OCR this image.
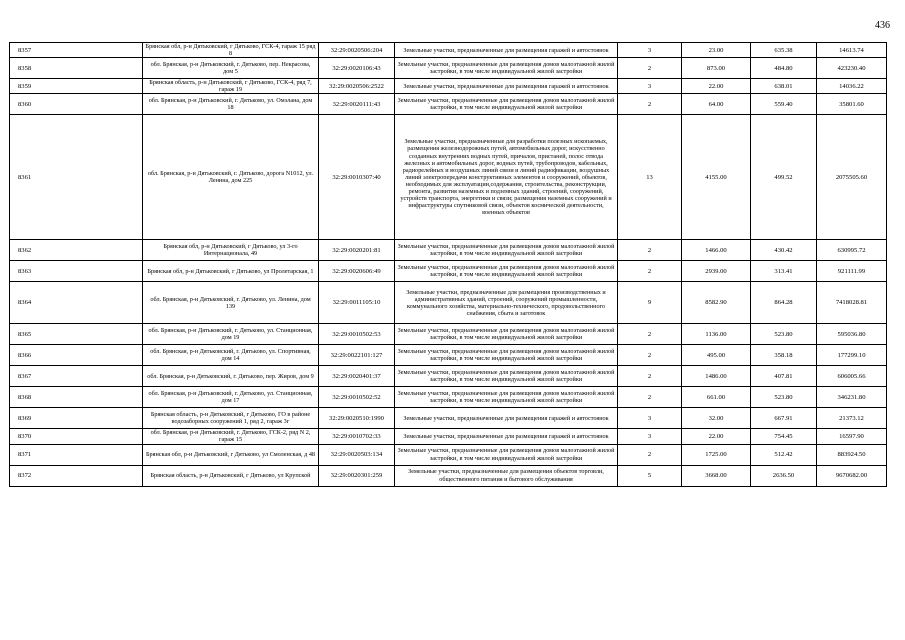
436
8357	Брянская обл, р-н Дятьковский, г Дятьково, ГСК-4, гараж 15 ряд 8	32:29:0020506:204	Земельные участки, предназначенные для размещения гаражей и автостоянок	3	23.00	635.38	14613.74
8358	обл. Брянская, р-н Дятьковский, г. Дятьково, пер. Некрасова, дом 5	32:29:0020106:43	Земельные участки, предназначенные для размещения домов малоэтажной жилой застройки, в том числе индивидуальной жилой застройки	2	873.00	484.80	423230.40
8359	Брянская область, р-н Дятьковский, г Дятьково, ГСК-4, ряд 7, гараж 19	32:29:0020506:2522	Земельные участки, предназначенные для размещения гаражей и автостоянок	3	22.00	638.01	14036.22
8360	обл. Брянская, р-н Дятьковский, г. Дятьково, ул. Омэлана, дом 18	32:29:0020111:43	Земельные участки, предназначенные для размещения домов малоэтажной жилой застройки, в том числе индивидуальной жилой застройки	2	64.00	559.40	35801.60
8361	обл. Брянская, р-н Дятьковский, г. Дятьково, дорога N1012, ул. Ленина, дом 225	32:29:0010307:40	Земельные участки, предназначенные для разработки полезных ископаемых, размещения железнодорожных путей, автомобильных дорог, искусственно созданных внутренних водных путей, причалов, пристаней, полос отвода железных и автомобильных дорог, водных путей, трубопроводов, кабельных, радиорелейных и воздушных линий связи и линий радиофикации, воздушных линий электропередачи конструктивных элементов и сооружений, объектов, необходимых для эксплуатации,содержания, строительства, реконструкции, ремонта, развития наземных и подземных зданий, строений, сооружений, устройств транспорта, энергетики и связи; размещения наземных сооружений и инфраструктуры спутниковой связи, объектов космической деятельности, военных объектов	13	4155.00	499.52	2075505.60
8362	Брянская обл, р-н Дятьковский, г Дятьково, ул 3-го Интернационала, 49	32:29:0020201:81	Земельные участки, предназначенные для размещения домов малоэтажной жилой застройки, в том числе индивидуальной жилой застройки	2	1466.00	430.42	630995.72
8363	Брянская обл, р-н Дятьковский, г Дятьково, ул Пролетарская, 1	32:29:0020606:49	Земельные участки, предназначенные для размещения домов малоэтажной жилой застройки, в том числе индивидуальной жилой застройки	2	2939.00	313.41	921111.99
8364	обл. Брянская, р-н Дятьковский, г. Дятьково, ул. Ленина, дом 139	32:29:0011105:10	Земельные участки, предназначенные для размещения производственных и административных зданий, строений, сооружений промышленности, коммунального хозяйства, материально-технического, продовольственного снабжения, сбыта и заготовок	9	8582.90	864.28	7418028.81
8365	обл. Брянская, р-н Дятьковский, г. Дятьково, ул. Станционная, дом 19	32:29:0010502:53	Земельные участки, предназначенные для размещения домов малоэтажной жилой застройки, в том числе индивидуальной жилой застройки	2	1136.00	523.80	595036.80
8366	обл. Брянская, р-н Дятьковский, г. Дятьково, ул. Спортивная, дом 14	32:29:0022101:127	Земельные участки, предназначенные для размещения домов малоэтажной жилой застройки, в том числе индивидуальной жилой застройки	2	495.00	358.18	177299.10
8367	обл. Брянская, р-н Дятьковский, г. Дятьково, пер. Жиров, дом 9	32:29:0020401:37	Земельные участки, предназначенные для размещения домов малоэтажной жилой застройки, в том числе индивидуальной жилой застройки	2	1486.00	407.81	606005.66
8368	обл. Брянская, р-н Дятьковский, г. Дятьково, ул. Станционная, дом 17	32:29:0010502:52	Земельные участки, предназначенные для размещения домов малоэтажной жилой застройки, в том числе индивидуальной жилой застройки	2	661.00	523.80	346231.80
8369	Брянская область, р-н Дятьковский, г Дятьково, ГО в районе водозаборных сооружений 1, ряд 2, гараж 3г	32:29:0020510:1990	Земельные участки, предназначенные для размещения гаражей и автостоянок	3	32.00	667.91	21373.12
8370	обл. Брянская, р-н Дятьковский, г. Дятьково, ГСК-2, ряд N 2, гараж 15	32:29:0010702:33	Земельные участки, предназначенные для размещения гаражей и автостоянок	3	22.00	754.45	16597.90
8371	Брянская обл, р-н Дятьковский, г Дятьково, ул Смоленская, д 48	32:29:0020503:134	Земельные участки, предназначенные для размещения домов малоэтажной жилой застройки, в том числе индивидуальной жилой застройки	2	1725.00	512.42	883924.50
8372	Брянская область, р-н Дятьковский, г Дятьково, ул Крупской	32:29:0020301:259	Земельные участки, предназначенные для размещения объектов торговли, общественного питания и бытового обслуживания	5	3668.00	2636.50	9670682.00
